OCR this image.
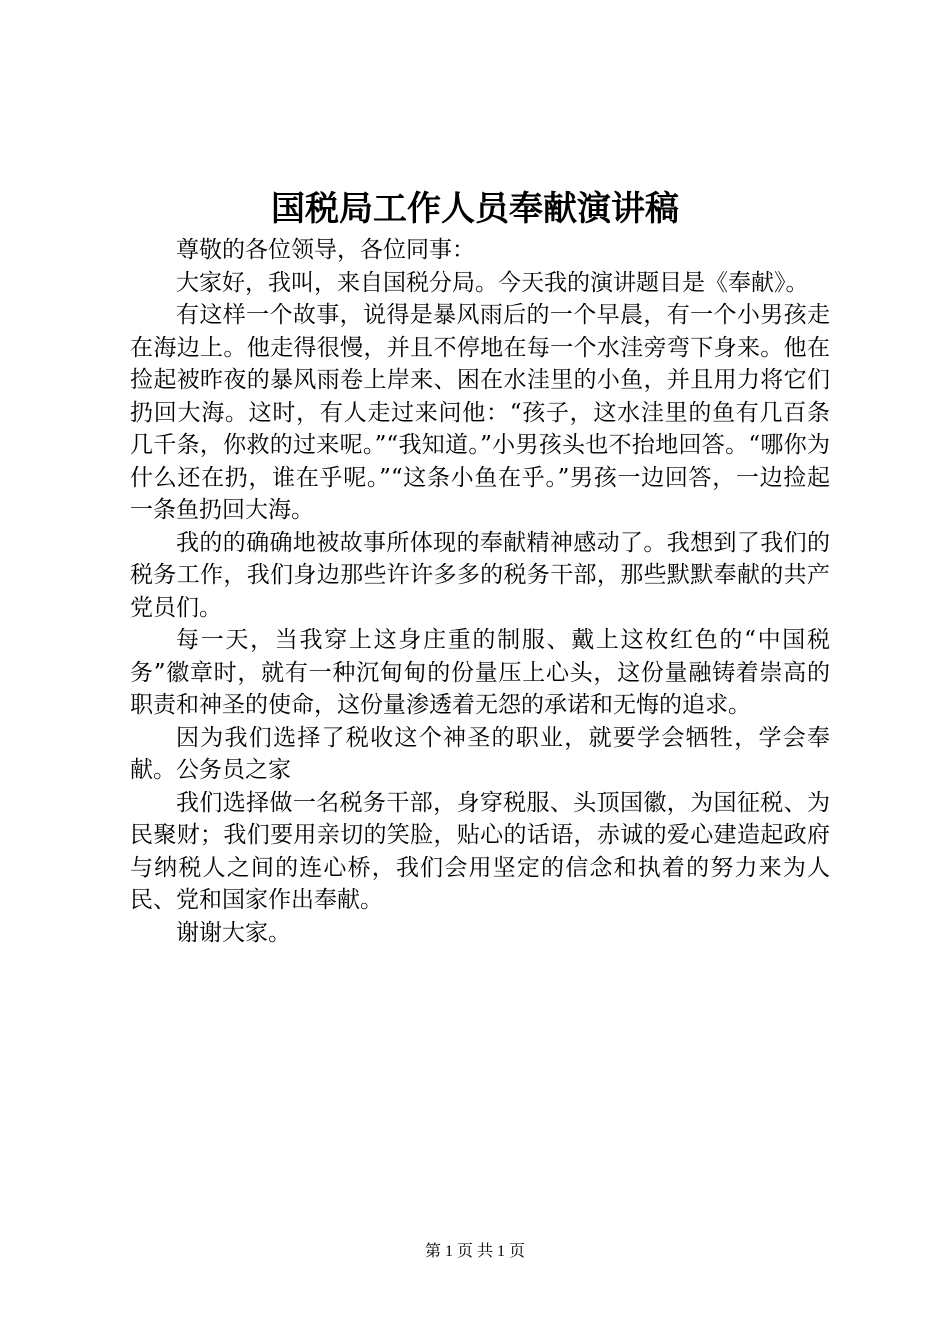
国税局工作人员奉献演讲稿

尊敬的各位领导，各位同事：

大家好，我叫，来自国税分局。今天我的演讲题目是《奉献》。

有这样一个故事，说得是暴风雨后的一个早晨，有一个小男孩走在海边上。他走得很慢，并且不停地在每一个水洼旁弯下身来。他在捡起被昨夜的暴风雨卷上岸来、困在水洼里的小鱼，并且用力将它们扔回大海。这时，有人走过来问他：“孩子，这水洼里的鱼有几百条几千条，你救的过来呢。”“我知道。”小男孩头也不抬地回答。“哪你为什么还在扔，谁在乎呢。”“这条小鱼在乎。”男孩一边回答，一边捡起一条鱼扔回大海。

我的的确确地被故事所体现的奉献精神感动了。我想到了我们的税务工作，我们身边那些许许多多的税务干部，那些默默奉献的共产党员们。

每一天，当我穿上这身庄重的制服、戴上这枚红色的“中国税务”徽章时，就有一种沉甸甸的份量压上心头，这份量融铸着崇高的职责和神圣的使命，这份量渗透着无怨的承诺和无悔的追求。

因为我们选择了税收这个神圣的职业，就要学会牺牲，学会奉献。公务员之家

我们选择做一名税务干部，身穿税服、头顶国徽，为国征税、为民聚财；我们要用亲切的笑脸，贴心的话语，赤诚的爱心建造起政府与纳税人之间的连心桥，我们会用坚定的信念和执着的努力来为人民、党和国家作出奉献。

谢谢大家。

第 1 页 共 1 页
